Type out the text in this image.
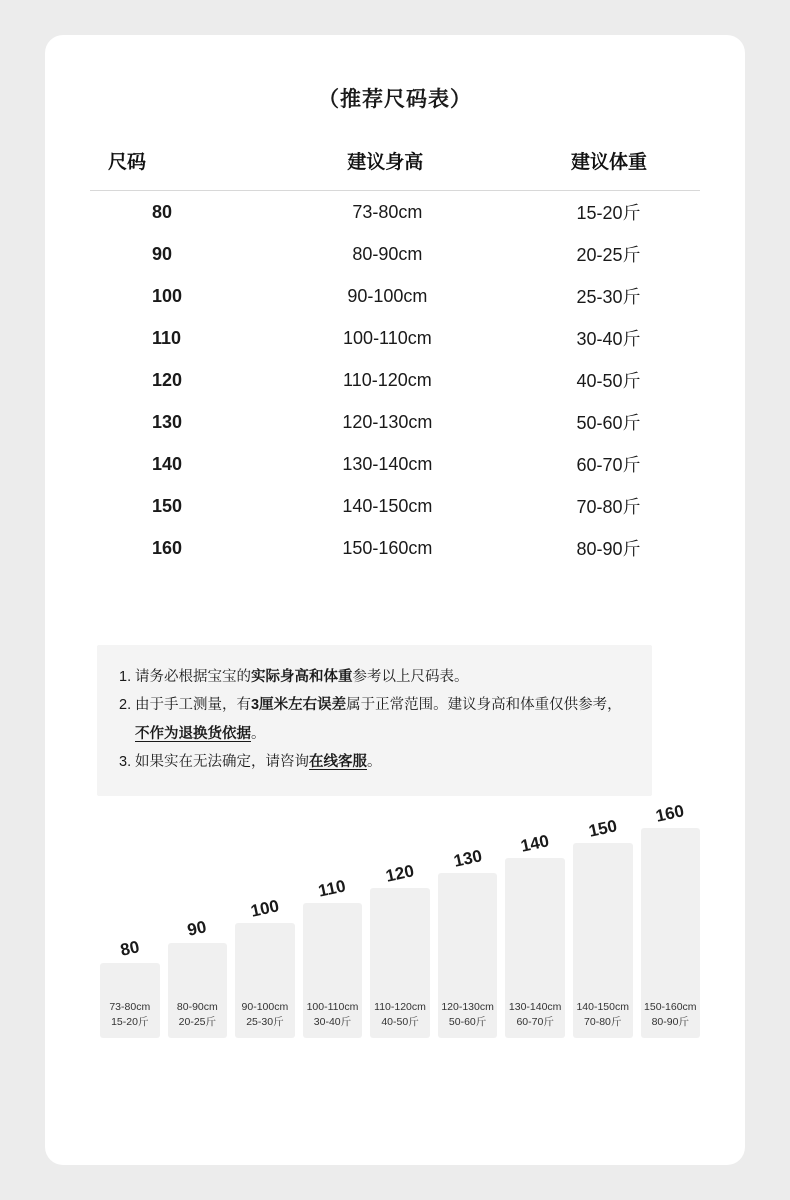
（推荐尺码表）
尺码	建议身高	建议体重
80	73-80cm	15-20斤
90	80-90cm	20-25斤
100	90-100cm	25-30斤
110	100-110cm	30-40斤
120	110-120cm	40-50斤
130	120-130cm	50-60斤
140	130-140cm	60-70斤
150	140-150cm	70-80斤
160	150-160cm	80-90斤
1. 请务必根据宝宝的实际身高和体重参考以上尺码表。
2. 由于手工测量，有3厘米左右误差属于正常范围。建议身高和体重仅供参考，不作为退换货依据。
3. 如果实在无法确定，请咨询在线客服。
80
73-80cm
15-20斤
90
80-90cm
20-25斤
100
90-100cm
25-30斤
110
100-110cm
30-40斤
120
110-120cm
40-50斤
130
120-130cm
50-60斤
140
130-140cm
60-70斤
150
140-150cm
70-80斤
160
150-160cm
80-90斤
